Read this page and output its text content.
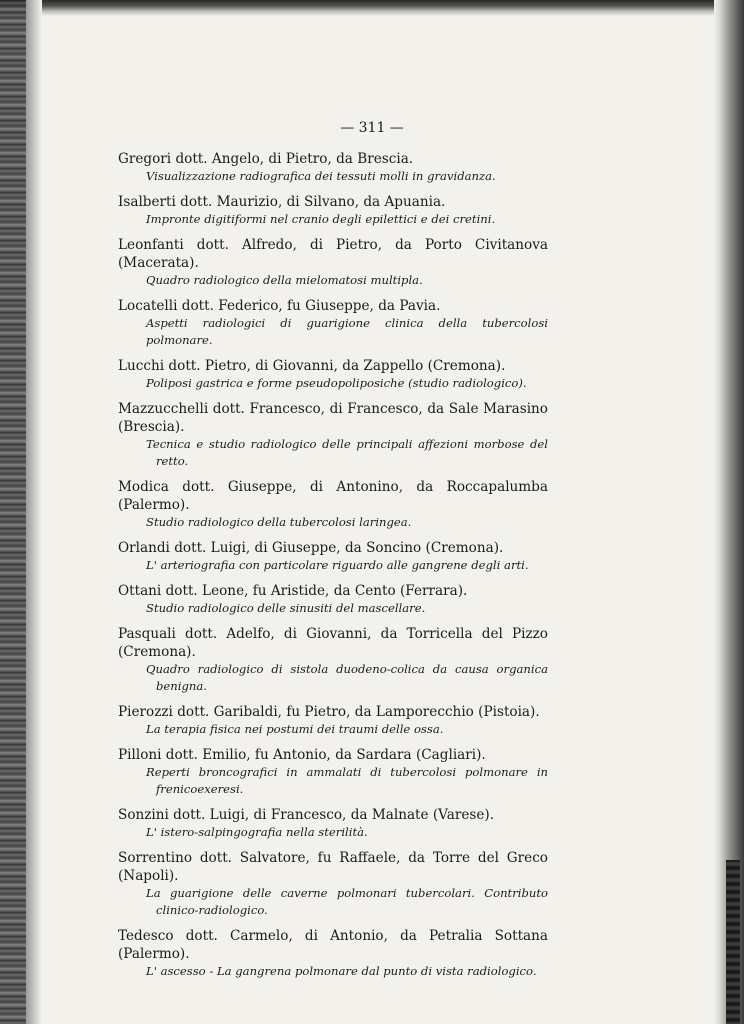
— 311 —

Gregori dott. Angelo, di Pietro, da Brescia.

Visualizzazione radiografica dei tessuti molli in gravidanza.

Isalberti dott. Maurizio, di Silvano, da Apuania.

Impronte digitiformi nel cranio degli epilettici e dei cretini.

Leonfanti dott. Alfredo, di Pietro, da Porto Civitanova (Macerata).

Quadro radiologico della mielomatosi multipla.

Locatelli dott. Federico, fu Giuseppe, da Pavia.

Aspetti radiologici di guarigione clinica della tubercolosi polmonare.

Lucchi dott. Pietro, di Giovanni, da Zappello (Cremona).

Poliposi gastrica e forme pseudopoliposiche (studio radiologico).

Mazzucchelli dott. Francesco, di Francesco, da Sale Marasino (Brescia).

Tecnica e studio radiologico delle principali affezioni morbose del retto.

Modica dott. Giuseppe, di Antonino, da Roccapalumba (Palermo).

Studio radiologico della tubercolosi laringea.

Orlandi dott. Luigi, di Giuseppe, da Soncino (Cremona).

L' arteriografia con particolare riguardo alle gangrene degli arti.

Ottani dott. Leone, fu Aristide, da Cento (Ferrara).

Studio radiologico delle sinusiti del mascellare.

Pasquali dott. Adelfo, di Giovanni, da Torricella del Pizzo (Cremona).

Quadro radiologico di sistola duodeno-colica da causa organica benigna.

Pierozzi dott. Garibaldi, fu Pietro, da Lamporecchio (Pistoia).

La terapia fisica nei postumi dei traumi delle ossa.

Pilloni dott. Emilio, fu Antonio, da Sardara (Cagliari).

Reperti broncografici in ammalati di tubercolosi polmonare in frenicoexeresi.

Sonzini dott. Luigi, di Francesco, da Malnate (Varese).

L' istero-salpingografia nella sterilità.

Sorrentino dott. Salvatore, fu Raffaele, da Torre del Greco (Napoli).

La guarigione delle caverne polmonari tubercolari. Contributo clinico-radiologico.

Tedesco dott. Carmelo, di Antonio, da Petralia Sottana (Palermo).

L' ascesso - La gangrena polmonare dal punto di vista radiologico.
